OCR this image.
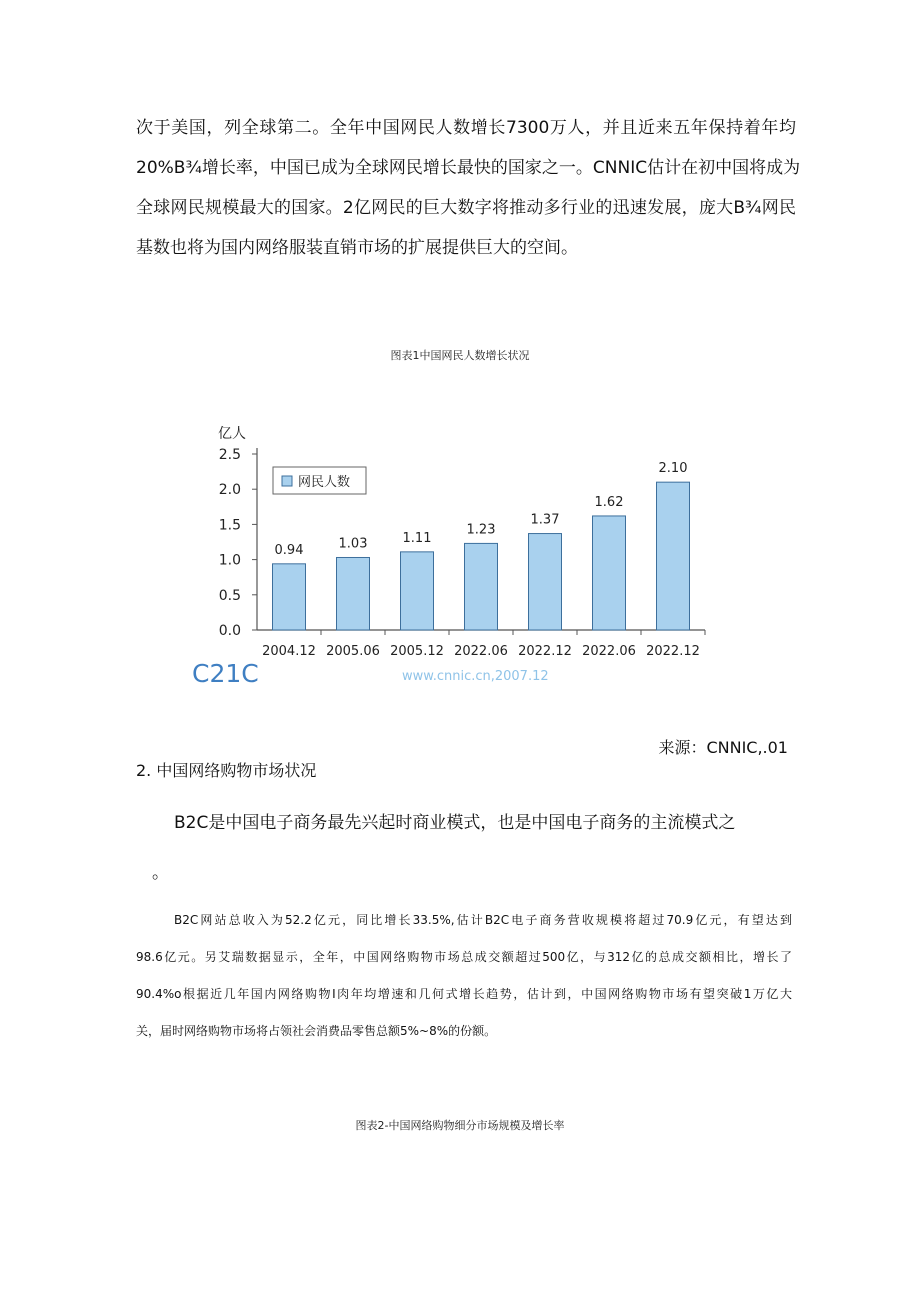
次于美国，列全球第二。全年中国网民人数增长7300万人，并且近来五年保持着年均
20%B¾增长率，中国已成为全球网民增长最快的国家之一。CNNIC估计在初中国将成为
全球网民规模最大的国家。2亿网民的巨大数字将推动多行业的迅速发展，庞大B¾网民
基数也将为国内网络服装直销市场的扩展提供巨大的空间。
图表1中国网民人数增长状况
0.0
0.5
1.0
1.5
2.0
2.5
亿人
0.94
2004.12
1.03
2005.06
1.11
2005.12
1.23
2022.06
1.37
2022.12
1.62
2022.06
2.10
2022.12
网民人数
C21C	www.cnnic.cn,2007.12
来源：CNNIC,.01
2. 中国网络购物市场状况
B2C是中国电子商务最先兴起时商业模式，也是中国电子商务的主流模式之
。
B2C网站总收入为52.2亿元，同比增长33.5%,估计B2C电子商务营收规模将超过70.9亿元，有望达到
98.6亿元。另艾瑞数据显示，全年，中国网络购物市场总成交额超过500亿，与312亿的总成交额相比，增长了
90.4%o根据近几年国内网络购物I肉年均增速和几何式增长趋势，估计到，中国网络购物市场有望突破1万亿大
关，届时网络购物市场将占领社会消费品零售总额5%~8%的份额。
图表2-中国网络购物细分市场规模及增长率
